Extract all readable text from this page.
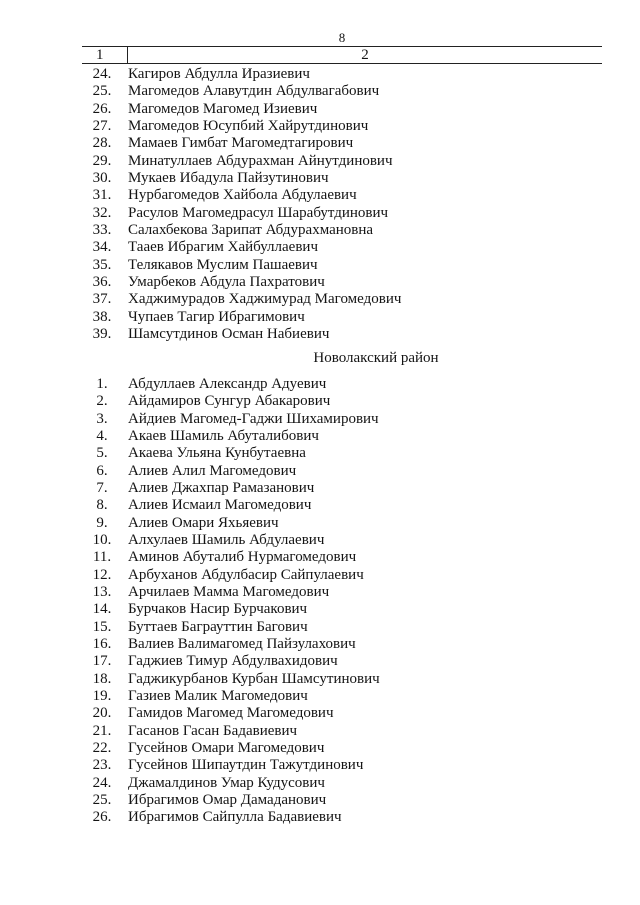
8
1	2
24.	Кагиров Абдулла Иразиевич
25.	Магомедов Алавутдин Абдулвагабович
26.	Магомедов Магомед Изиевич
27.	Магомедов Юсупбий Хайрутдинович
28.	Мамаев Гимбат Магомедтагирович
29.	Минатуллаев Абдурахман Айнутдинович
30.	Мукаев Ибадула Пайзутинович
31.	Нурбагомедов Хайбола Абдулаевич
32.	Расулов Магомедрасул Шарабутдинович
33.	Салахбекова Зарипат Абдурахмановна
34.	Тааев Ибрагим Хайбуллаевич
35.	Телякавов Муслим Пашаевич
36.	Умарбеков Абдула Пахратович
37.	Хаджимурадов Хаджимурад Магомедович
38.	Чупаев Тагир Ибрагимович
39.	Шамсутдинов Осман Набиевич
Новолакский район
1.	Абдуллаев Александр Адуевич
2.	Айдамиров Сунгур Абакарович
3.	Айдиев Магомед-Гаджи Шихамирович
4.	Акаев Шамиль Абуталибович
5.	Акаева Ульяна Кунбутаевна
6.	Алиев Алил Магомедович
7.	Алиев Джахпар Рамазанович
8.	Алиев Исмаил Магомедович
9.	Алиев Омари Яхьяевич
10.	Алхулаев Шамиль Абдулаевич
11.	Аминов Абуталиб Нурмагомедович
12.	Арбуханов Абдулбасир Сайпулаевич
13.	Арчилаев Мамма Магомедович
14.	Бурчаков Насир Бурчакович
15.	Буттаев Баграуттин Багович
16.	Валиев Валимагомед Пайзулахович
17.	Гаджиев Тимур Абдулвахидович
18.	Гаджикурбанов Курбан Шамсутинович
19.	Газиев Малик Магомедович
20.	Гамидов Магомед Магомедович
21.	Гасанов Гасан Бадавиевич
22.	Гусейнов Омари Магомедович
23.	Гусейнов Шипаутдин Тажутдинович
24.	Джамалдинов Умар Кудусович
25.	Ибрагимов Омар Дамаданович
26.	Ибрагимов Сайпулла Бадавиевич
